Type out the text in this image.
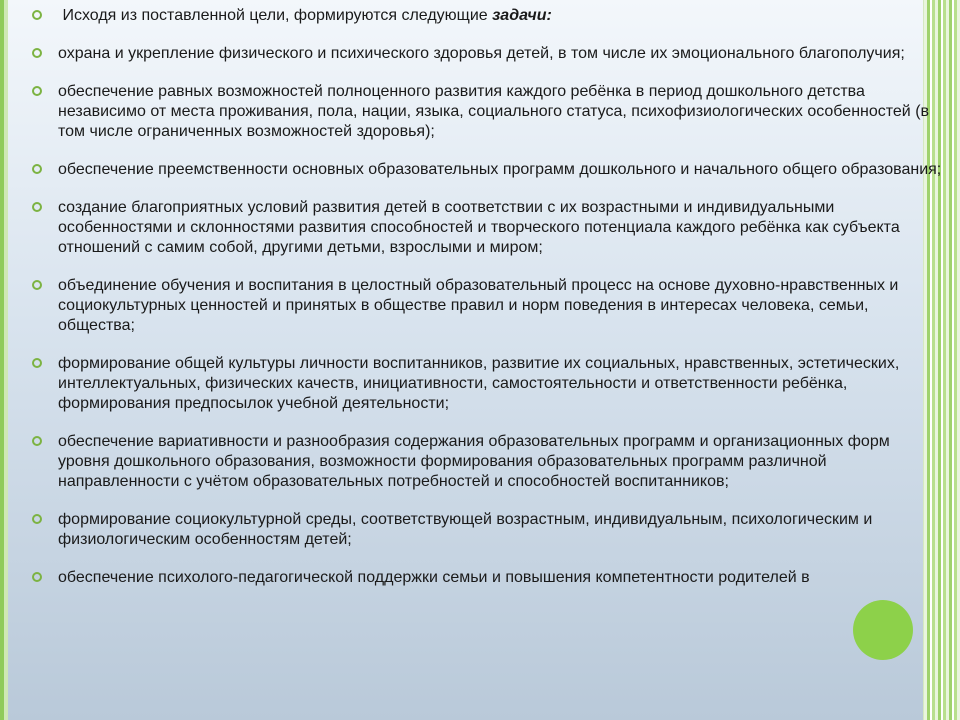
Исходя из поставленной цели, формируются следующие задачи:
охрана и укрепление физического и психического здоровья детей, в том числе их эмоционального благополучия;
обеспечение равных возможностей полноценного развития каждого ребёнка в период дошкольного детства независимо от места проживания, пола, нации, языка, социального статуса, психофизиологических особенностей (в том числе ограниченных возможностей здоровья);
обеспечение преемственности основных образовательных программ дошкольного и начального общего образования;
создание благоприятных условий развития детей в соответствии с их возрастными и индивидуальными особенностями и склонностями развития способностей и творческого потенциала каждого ребёнка как субъекта отношений с самим собой, другими детьми, взрослыми и миром;
объединение обучения и воспитания в целостный образовательный процесс на основе духовно-нравственных и социокультурных ценностей и принятых в обществе правил и норм поведения в интересах человека, семьи, общества;
формирование общей культуры личности воспитанников, развитие их социальных, нравственных, эстетических, интеллектуальных, физических качеств, инициативности, самостоятельности и ответственности ребёнка, формирования предпосылок учебной деятельности;
обеспечение вариативности и разнообразия содержания образовательных программ и организационных форм уровня дошкольного образования, возможности формирования образовательных программ различной направленности с учётом образовательных потребностей и способностей воспитанников;
формирование социокультурной среды, соответствующей возрастным, индивидуальным, психологическим и физиологическим особенностям детей;
обеспечение психолого-педагогической поддержки семьи и повышения компетентности родителей в
